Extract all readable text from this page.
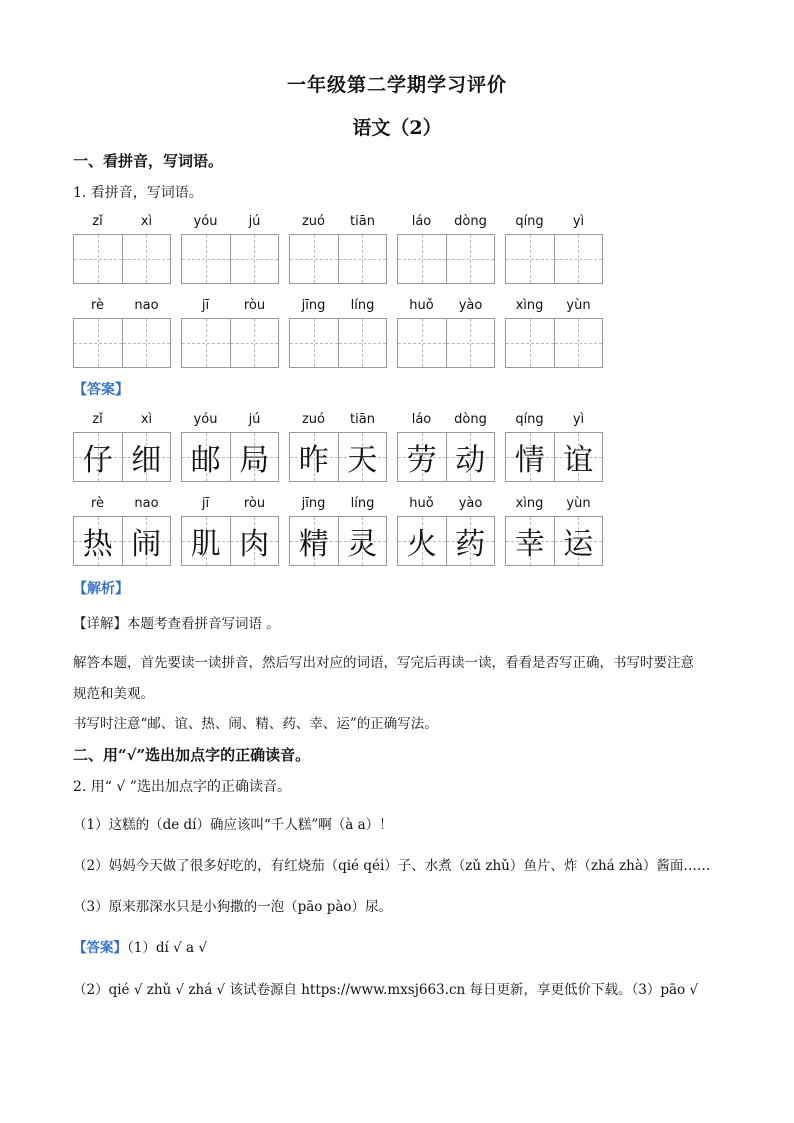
一年级第二学期学习评价
语文（2）
一、看拼音，写词语。
1. 看拼音，写词语。
zǐ	xì	yóu	jú	zuó	tiān	láo	dòng	qíng	yì
rè	nao	jī	ròu	jīng	líng	huǒ	yào	xìng	yùn
【答案】
zǐ	xì
仔 细
yóu	jú
邮 局
zuó	tiān
昨 天
láo	dòng
劳 动
qíng	yì
情 谊
rè	nao
热 闹
jī	ròu
肌 肉
jīng	líng
精 灵
huǒ	yào
火 药
xìng	yùn
幸 运
【解析】
【详解】本题考查看拼音写词语 。
解答本题，首先要读一读拼音，然后写出对应的词语，写完后再读一读，看看是否写正确，书写时要注意
规范和美观。
书写时注意“邮、谊、热、闹、精、药、幸、运”的正确写法。
二、用“√”选出加点字的正确读音。
2. 用“ √ ”选出加点字的正确读音。
（1）这糕的（de dí）确应该叫“千人糕”啊（à a）！
（2）妈妈今天做了很多好吃的，有红烧茄（qié qéi）子、水煮（zǔ zhǔ）鱼片、炸（zhá zhà）酱面……
（3）原来那深水只是小狗撒的一泡（pāo pào）尿。
【答案】（1）dí √ a √
（2）qié √ zhǔ √ zhá √ 该试卷源自 https://www.mxsj663.cn 每日更新，享更低价下载。（3）pāo √
